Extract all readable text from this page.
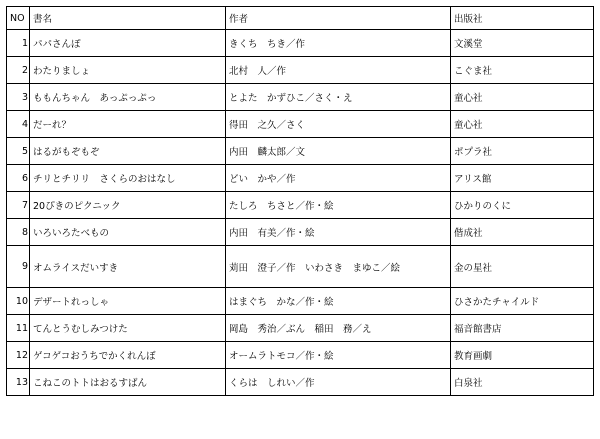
NO	書名	作者	出版社
1	パパさんぽ	きくち　ちき／作	文溪堂
2	わたりましょ	北村　人／作	こぐま社
3	ももんちゃん　あっぷっぷっ	とよた　かずひこ／さく・え	童心社
4	だーれ？	得田　之久／さく	童心社
5	はるがもぞもぞ	内田　麟太郎／文	ポプラ社
6	チリとチリリ　さくらのおはなし	どい　かや／作	アリス館
7	20ぴきのピクニック	たしろ　ちさと／作・絵	ひかりのくに
8	いろいろたべもの	内田　有美／作・絵	偕成社
9	オムライスだいすき	苅田　澄子／作　いわさき　まゆこ／絵	金の星社
10	デザートれっしゃ	はまぐち　かな／作・絵	ひさかたチャイルド
11	てんとうむしみつけた	岡島　秀治／ぶん　稲田　務／え	福音館書店
12	ゲコゲコおうちでかくれんぼ	オームラトモコ／作・絵	教育画劇
13	こねこのトトはおるすばん	くらは　しれい／作	白泉社
